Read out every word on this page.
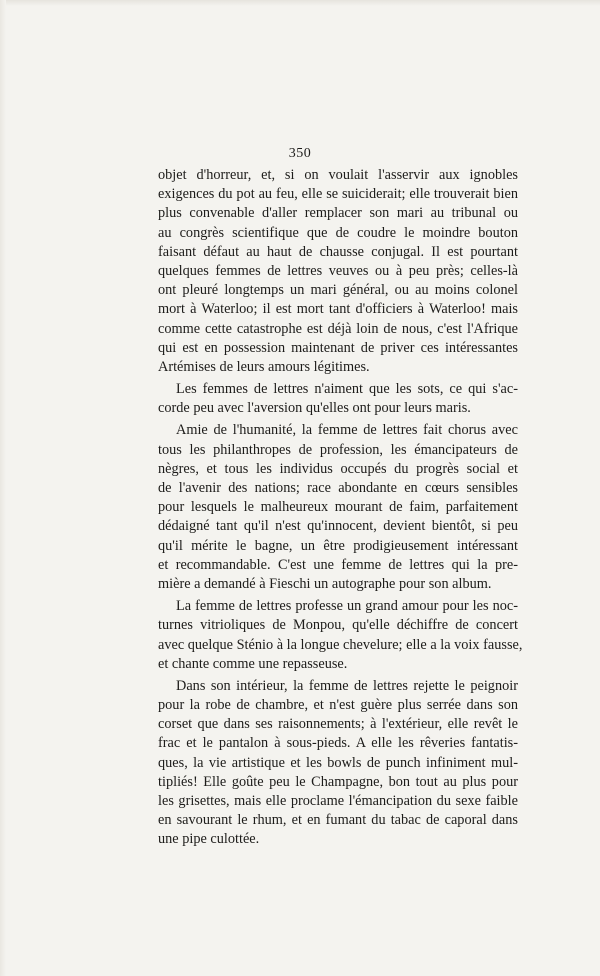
350
objet d'horreur, et, si on voulait l'asservir aux ignobles
exigences du pot au feu, elle se suiciderait; elle trouverait bien
plus convenable d'aller remplacer son mari au tribunal ou
au congrès scientifique que de coudre le moindre bouton
faisant défaut au haut de chausse conjugal. Il est pourtant
quelques femmes de lettres veuves ou à peu près; celles-là
ont pleuré longtemps un mari général, ou au moins colonel
mort à Waterloo; il est mort tant d'officiers à Waterloo! mais
comme cette catastrophe est déjà loin de nous, c'est l'Afrique
qui est en possession maintenant de priver ces intéressantes
Artémises de leurs amours légitimes.
Les femmes de lettres n'aiment que les sots, ce qui s'ac-
corde peu avec l'aversion qu'elles ont pour leurs maris.
Amie de l'humanité, la femme de lettres fait chorus avec
tous les philanthropes de profession, les émancipateurs de
nègres, et tous les individus occupés du progrès social et
de l'avenir des nations; race abondante en cœurs sensibles
pour lesquels le malheureux mourant de faim, parfaitement
dédaigné tant qu'il n'est qu'innocent, devient bientôt, si peu
qu'il mérite le bagne, un être prodigieusement intéressant
et recommandable. C'est une femme de lettres qui la pre-
mière a demandé à Fieschi un autographe pour son album.
La femme de lettres professe un grand amour pour les noc-
turnes vitrioliques de Monpou, qu'elle déchiffre de concert
avec quelque Sténio à la longue chevelure; elle a la voix fausse,
et chante comme une repasseuse.
Dans son intérieur, la femme de lettres rejette le peignoir
pour la robe de chambre, et n'est guère plus serrée dans son
corset que dans ses raisonnements; à l'extérieur, elle revêt le
frac et le pantalon à sous-pieds. A elle les rêveries fantatis-
ques, la vie artistique et les bowls de punch infiniment mul-
tipliés! Elle goûte peu le Champagne, bon tout au plus pour
les grisettes, mais elle proclame l'émancipation du sexe faible
en savourant le rhum, et en fumant du tabac de caporal dans
une pipe culottée.
